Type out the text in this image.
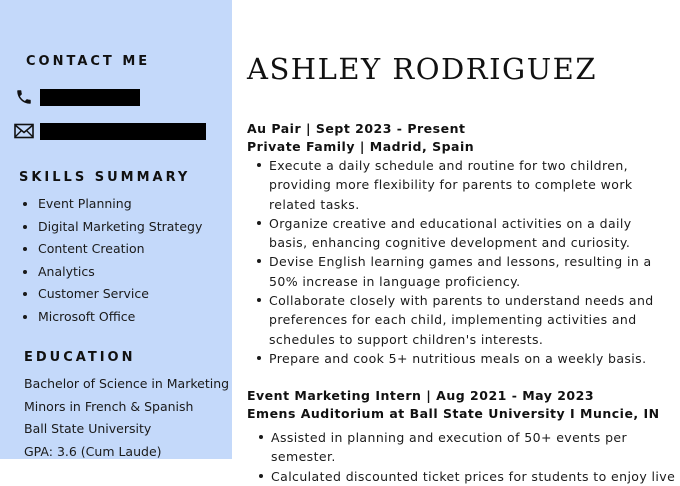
CONTACT ME
SKILLS SUMMARY
Event Planning
Digital Marketing Strategy
Content Creation
Analytics
Customer Service
Microsoft Office
EDUCATION
Bachelor of Science in Marketing
Minors in French & Spanish
Ball State University
GPA: 3.6 (Cum Laude)
ASHLEY RODRIGUEZ
Au Pair | Sept 2023 - Present
Private Family | Madrid, Spain
Execute a daily schedule and routine for two children, providing more flexibility for parents to complete work related tasks.
Organize creative and educational activities on a daily basis, enhancing cognitive development and curiosity.
Devise English learning games and lessons, resulting in a 50% increase in language proficiency.
Collaborate closely with parents to understand needs and preferences for each child, implementing activities and schedules to support children's interests.
Prepare and cook 5+ nutritious meals on a weekly basis.
Event Marketing Intern | Aug 2021 - May 2023
Emens Auditorium at Ball State University I Muncie, IN
Assisted in planning and execution of 50+ events per semester.
Calculated discounted ticket prices for students to enjoy live
